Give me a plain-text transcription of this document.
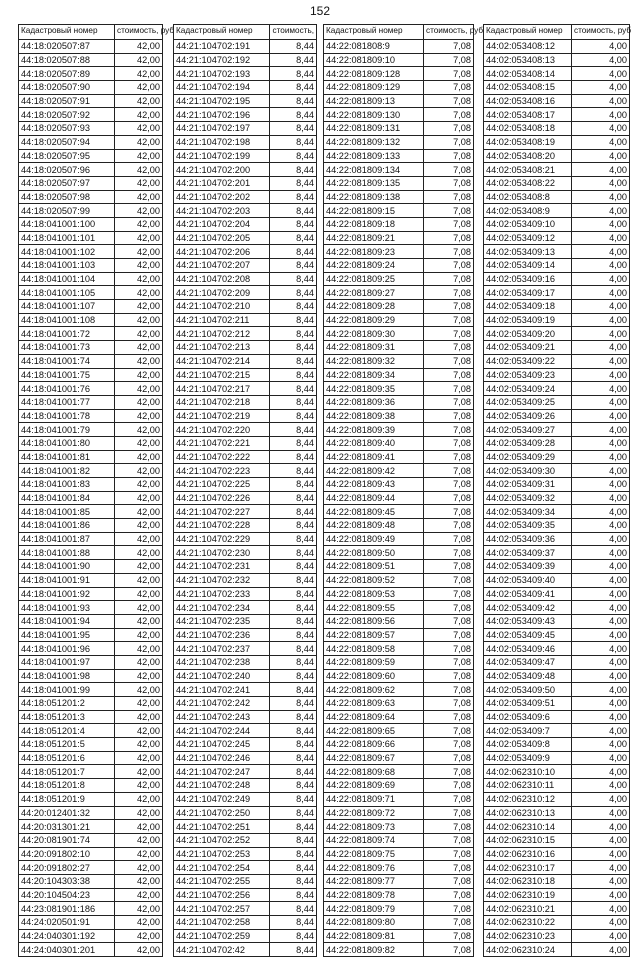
152
Кадастровый номер	стоимость, руб
44:18:020507:87	42,00
44:18:020507:88	42,00
44:18:020507:89	42,00
44:18:020507:90	42,00
44:18:020507:91	42,00
44:18:020507:92	42,00
44:18:020507:93	42,00
44:18:020507:94	42,00
44:18:020507:95	42,00
44:18:020507:96	42,00
44:18:020507:97	42,00
44:18:020507:98	42,00
44:18:020507:99	42,00
44:18:041001:100	42,00
44:18:041001:101	42,00
44:18:041001:102	42,00
44:18:041001:103	42,00
44:18:041001:104	42,00
44:18:041001:105	42,00
44:18:041001:107	42,00
44:18:041001:108	42,00
44:18:041001:72	42,00
44:18:041001:73	42,00
44:18:041001:74	42,00
44:18:041001:75	42,00
44:18:041001:76	42,00
44:18:041001:77	42,00
44:18:041001:78	42,00
44:18:041001:79	42,00
44:18:041001:80	42,00
44:18:041001:81	42,00
44:18:041001:82	42,00
44:18:041001:83	42,00
44:18:041001:84	42,00
44:18:041001:85	42,00
44:18:041001:86	42,00
44:18:041001:87	42,00
44:18:041001:88	42,00
44:18:041001:90	42,00
44:18:041001:91	42,00
44:18:041001:92	42,00
44:18:041001:93	42,00
44:18:041001:94	42,00
44:18:041001:95	42,00
44:18:041001:96	42,00
44:18:041001:97	42,00
44:18:041001:98	42,00
44:18:041001:99	42,00
44:18:051201:2	42,00
44:18:051201:3	42,00
44:18:051201:4	42,00
44:18:051201:5	42,00
44:18:051201:6	42,00
44:18:051201:7	42,00
44:18:051201:8	42,00
44:18:051201:9	42,00
44:20:012401:32	42,00
44:20:031301:21	42,00
44:20:081901:74	42,00
44:20:091802:10	42,00
44:20:091802:27	42,00
44:20:104303:38	42,00
44:20:104504:23	42,00
44:23:081901:186	42,00
44:24:020501:91	42,00
44:24:040301:192	42,00
44:24:040301:201	42,00
Кадастровый номер	стоимость,
44:21:104702:191	8,44
44:21:104702:192	8,44
44:21:104702:193	8,44
44:21:104702:194	8,44
44:21:104702:195	8,44
44:21:104702:196	8,44
44:21:104702:197	8,44
44:21:104702:198	8,44
44:21:104702:199	8,44
44:21:104702:200	8,44
44:21:104702:201	8,44
44:21:104702:202	8,44
44:21:104702:203	8,44
44:21:104702:204	8,44
44:21:104702:205	8,44
44:21:104702:206	8,44
44:21:104702:207	8,44
44:21:104702:208	8,44
44:21:104702:209	8,44
44:21:104702:210	8,44
44:21:104702:211	8,44
44:21:104702:212	8,44
44:21:104702:213	8,44
44:21:104702:214	8,44
44:21:104702:215	8,44
44:21:104702:217	8,44
44:21:104702:218	8,44
44:21:104702:219	8,44
44:21:104702:220	8,44
44:21:104702:221	8,44
44:21:104702:222	8,44
44:21:104702:223	8,44
44:21:104702:225	8,44
44:21:104702:226	8,44
44:21:104702:227	8,44
44:21:104702:228	8,44
44:21:104702:229	8,44
44:21:104702:230	8,44
44:21:104702:231	8,44
44:21:104702:232	8,44
44:21:104702:233	8,44
44:21:104702:234	8,44
44:21:104702:235	8,44
44:21:104702:236	8,44
44:21:104702:237	8,44
44:21:104702:238	8,44
44:21:104702:240	8,44
44:21:104702:241	8,44
44:21:104702:242	8,44
44:21:104702:243	8,44
44:21:104702:244	8,44
44:21:104702:245	8,44
44:21:104702:246	8,44
44:21:104702:247	8,44
44:21:104702:248	8,44
44:21:104702:249	8,44
44:21:104702:250	8,44
44:21:104702:251	8,44
44:21:104702:252	8,44
44:21:104702:253	8,44
44:21:104702:254	8,44
44:21:104702:255	8,44
44:21:104702:256	8,44
44:21:104702:257	8,44
44:21:104702:258	8,44
44:21:104702:259	8,44
44:21:104702:42	8,44
Кадастровый номер	стоимость, руб
44:22:081808:9	7,08
44:22:081809:10	7,08
44:22:081809:128	7,08
44:22:081809:129	7,08
44:22:081809:13	7,08
44:22:081809:130	7,08
44:22:081809:131	7,08
44:22:081809:132	7,08
44:22:081809:133	7,08
44:22:081809:134	7,08
44:22:081809:135	7,08
44:22:081809:138	7,08
44:22:081809:15	7,08
44:22:081809:18	7,08
44:22:081809:21	7,08
44:22:081809:23	7,08
44:22:081809:24	7,08
44:22:081809:25	7,08
44:22:081809:27	7,08
44:22:081809:28	7,08
44:22:081809:29	7,08
44:22:081809:30	7,08
44:22:081809:31	7,08
44:22:081809:32	7,08
44:22:081809:34	7,08
44:22:081809:35	7,08
44:22:081809:36	7,08
44:22:081809:38	7,08
44:22:081809:39	7,08
44:22:081809:40	7,08
44:22:081809:41	7,08
44:22:081809:42	7,08
44:22:081809:43	7,08
44:22:081809:44	7,08
44:22:081809:45	7,08
44:22:081809:48	7,08
44:22:081809:49	7,08
44:22:081809:50	7,08
44:22:081809:51	7,08
44:22:081809:52	7,08
44:22:081809:53	7,08
44:22:081809:55	7,08
44:22:081809:56	7,08
44:22:081809:57	7,08
44:22:081809:58	7,08
44:22:081809:59	7,08
44:22:081809:60	7,08
44:22:081809:62	7,08
44:22:081809:63	7,08
44:22:081809:64	7,08
44:22:081809:65	7,08
44:22:081809:66	7,08
44:22:081809:67	7,08
44:22:081809:68	7,08
44:22:081809:69	7,08
44:22:081809:71	7,08
44:22:081809:72	7,08
44:22:081809:73	7,08
44:22:081809:74	7,08
44:22:081809:75	7,08
44:22:081809:76	7,08
44:22:081809:77	7,08
44:22:081809:78	7,08
44:22:081809:79	7,08
44:22:081809:80	7,08
44:22:081809:81	7,08
44:22:081809:82	7,08
Кадастровый номер	стоимость, руб
44:02:053408:12	4,00
44:02:053408:13	4,00
44:02:053408:14	4,00
44:02:053408:15	4,00
44:02:053408:16	4,00
44:02:053408:17	4,00
44:02:053408:18	4,00
44:02:053408:19	4,00
44:02:053408:20	4,00
44:02:053408:21	4,00
44:02:053408:22	4,00
44:02:053408:8	4,00
44:02:053408:9	4,00
44:02:053409:10	4,00
44:02:053409:12	4,00
44:02:053409:13	4,00
44:02:053409:14	4,00
44:02:053409:16	4,00
44:02:053409:17	4,00
44:02:053409:18	4,00
44:02:053409:19	4,00
44:02:053409:20	4,00
44:02:053409:21	4,00
44:02:053409:22	4,00
44:02:053409:23	4,00
44:02:053409:24	4,00
44:02:053409:25	4,00
44:02:053409:26	4,00
44:02:053409:27	4,00
44:02:053409:28	4,00
44:02:053409:29	4,00
44:02:053409:30	4,00
44:02:053409:31	4,00
44:02:053409:32	4,00
44:02:053409:34	4,00
44:02:053409:35	4,00
44:02:053409:36	4,00
44:02:053409:37	4,00
44:02:053409:39	4,00
44:02:053409:40	4,00
44:02:053409:41	4,00
44:02:053409:42	4,00
44:02:053409:43	4,00
44:02:053409:45	4,00
44:02:053409:46	4,00
44:02:053409:47	4,00
44:02:053409:48	4,00
44:02:053409:50	4,00
44:02:053409:51	4,00
44:02:053409:6	4,00
44:02:053409:7	4,00
44:02:053409:8	4,00
44:02:053409:9	4,00
44:02:062310:10	4,00
44:02:062310:11	4,00
44:02:062310:12	4,00
44:02:062310:13	4,00
44:02:062310:14	4,00
44:02:062310:15	4,00
44:02:062310:16	4,00
44:02:062310:17	4,00
44:02:062310:18	4,00
44:02:062310:19	4,00
44:02:062310:21	4,00
44:02:062310:22	4,00
44:02:062310:23	4,00
44:02:062310:24	4,00
